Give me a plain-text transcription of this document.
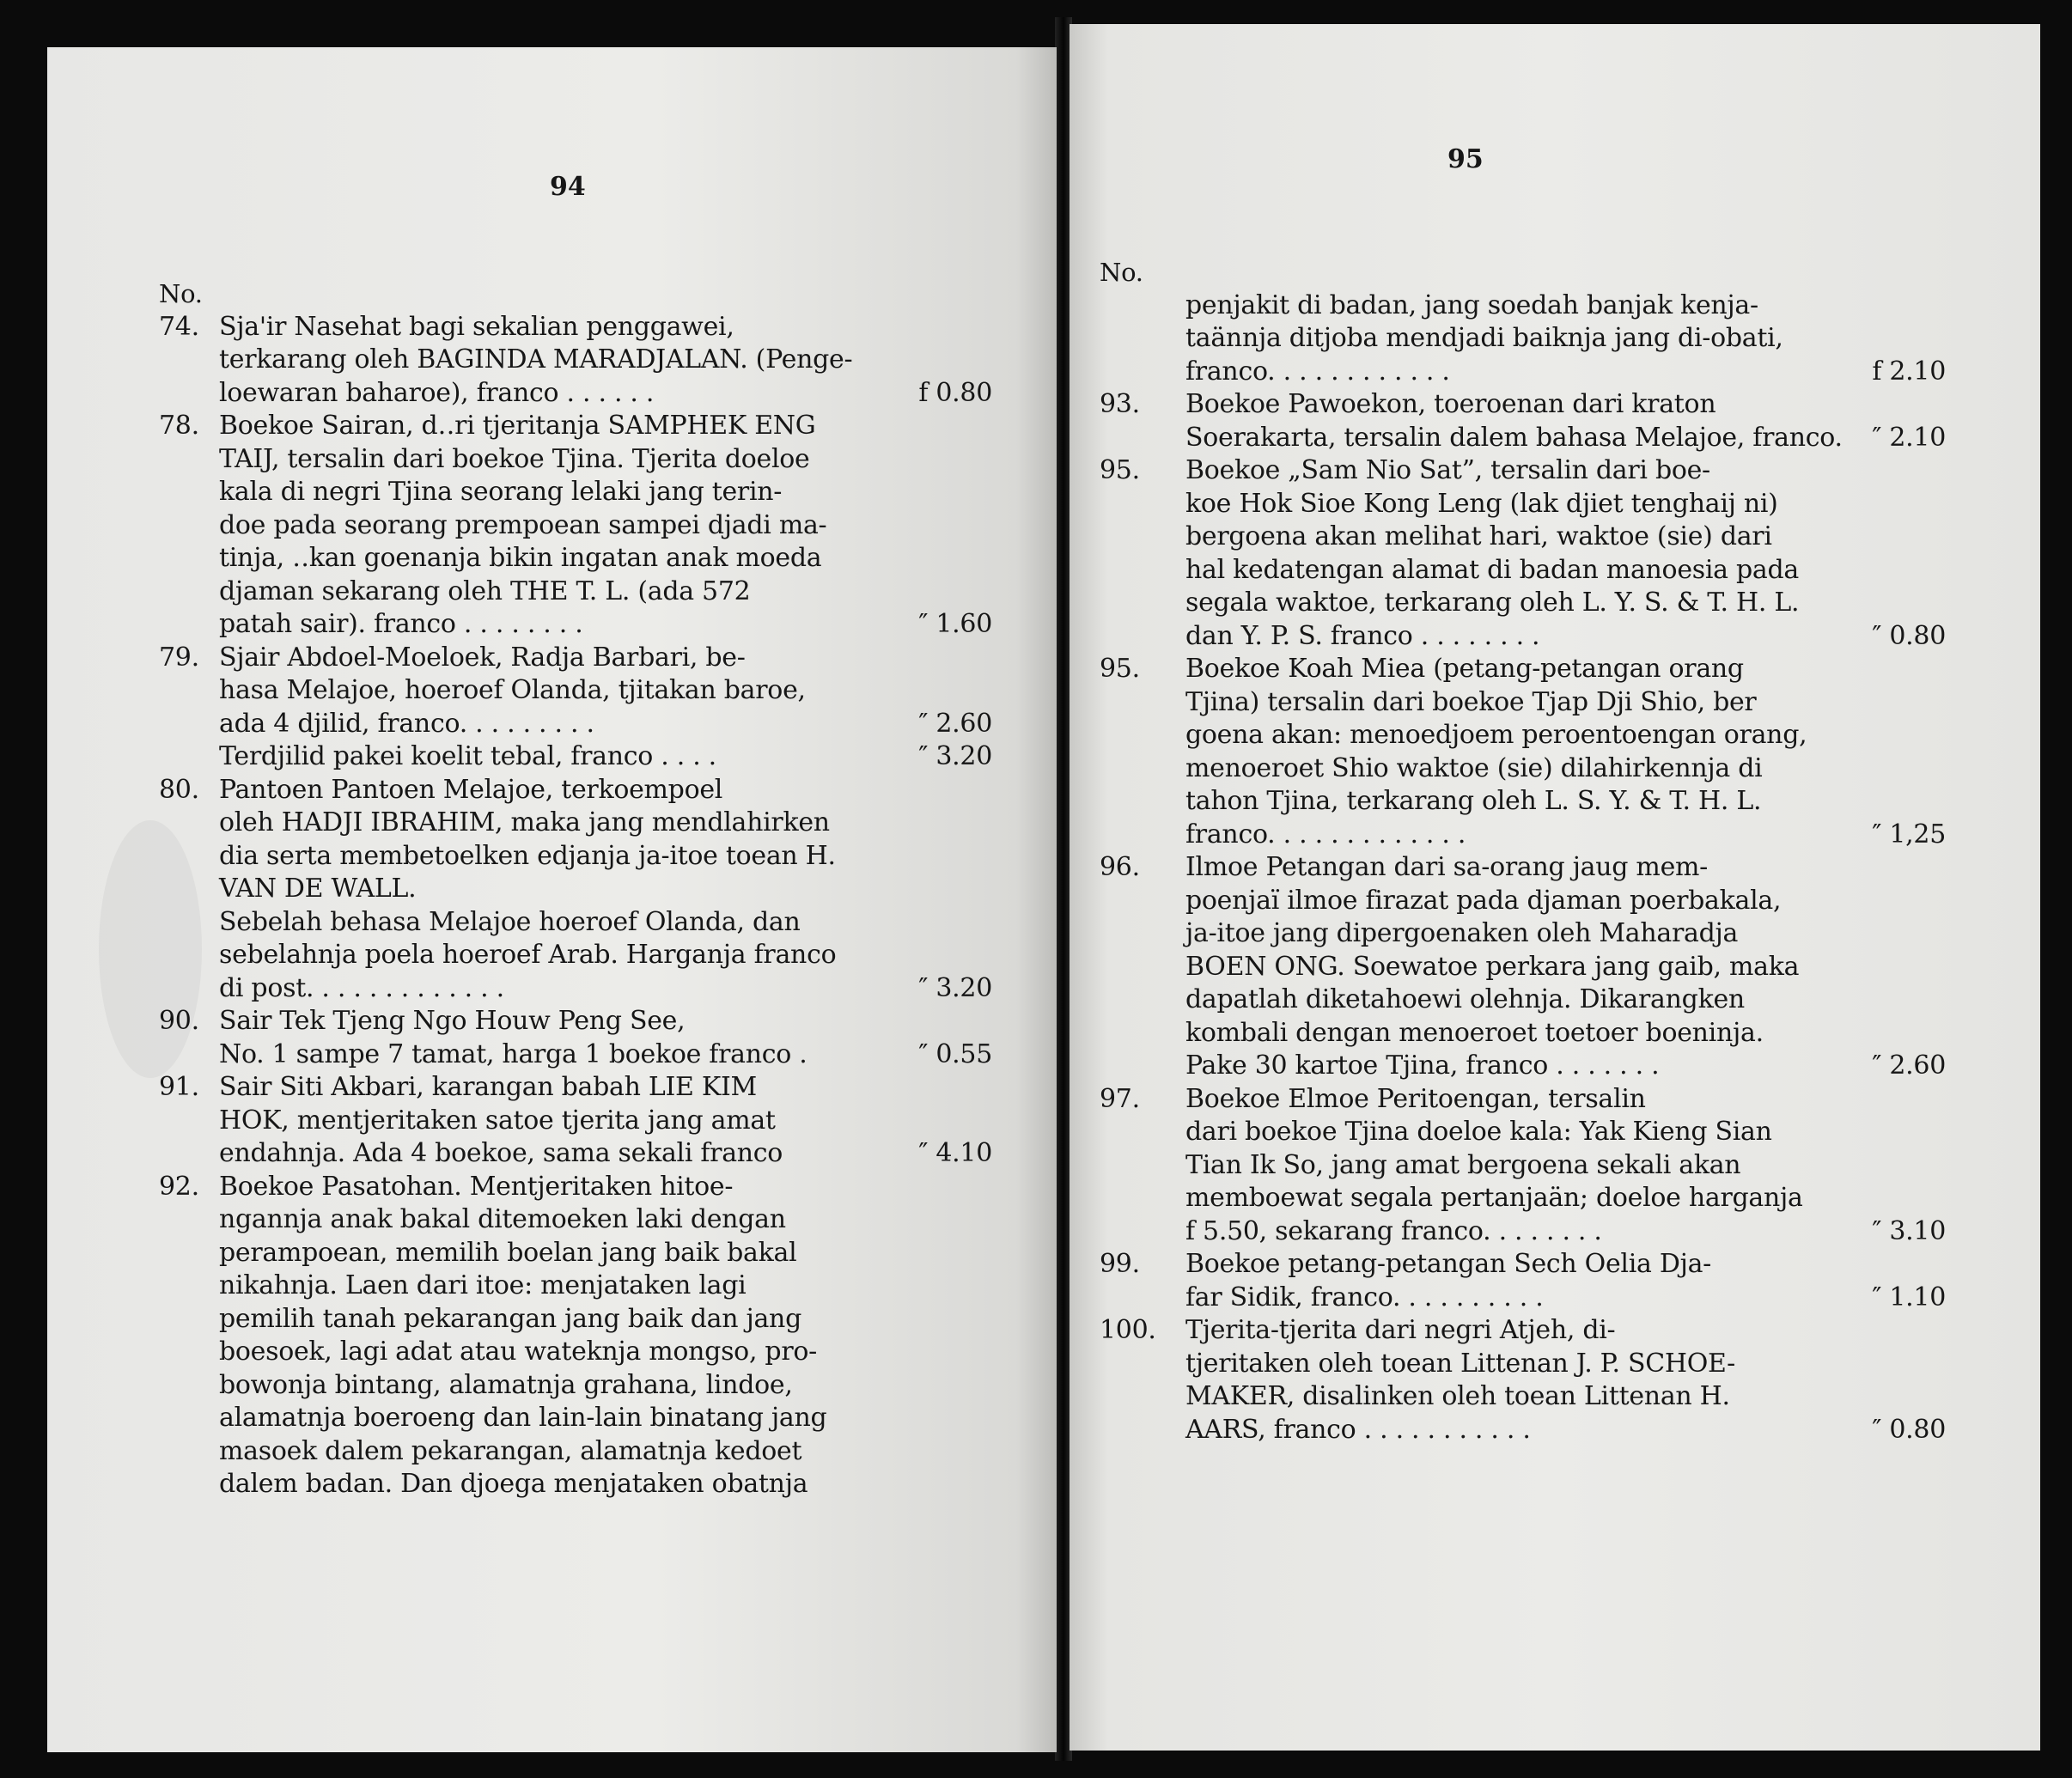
94
No.
74. Sja'ir Nasehat bagi sekalian penggawei,
terkarang oleh BAGINDA MARADJALAN. (Penge-
loewaran baharoe), franco . . . . . .	f 0.80
78. Boekoe Sairan, d‥ri tjeritanja SAMPHEK ENG
TAIJ, tersalin dari boekoe Tjina. Tjerita doeloe
kala di negri Tjina seorang lelaki jang terin-
doe pada seorang prempoean sampei djadi ma-
tinja, ‥kan goenanja bikin ingatan anak moeda
djaman sekarang oleh THE T. L. (ada 572
patah sair). franco . . . . . . . .	″ 1.60
79. Sjair Abdoel-Moeloek, Radja Barbari, be-
hasa Melajoe, hoeroef Olanda, tjitakan baroe,
ada 4 djilid, franco. . . . . . . . .	″ 2.60
Terdjilid pakei koelit tebal, franco . . . .	″ 3.20
80. Pantoen Pantoen Melajoe, terkoempoel
oleh HADJI IBRAHIM, maka jang mendlahirken
dia serta membetoelken edjanja ja-itoe toean H.
VAN DE WALL.
Sebelah behasa Melajoe hoeroef Olanda, dan
sebelahnja poela hoeroef Arab. Harganja franco
di post. . . . . . . . . . . . .	″ 3.20
90. Sair Tek Tjeng Ngo Houw Peng See,
No. 1 sampe 7 tamat, harga 1 boekoe franco .	″ 0.55
91. Sair Siti Akbari, karangan babah LIE KIM
HOK, mentjeritaken satoe tjerita jang amat
endahnja. Ada 4 boekoe, sama sekali franco	″ 4.10
92. Boekoe Pasatohan. Mentjeritaken hitoe-
ngannja anak bakal ditemoeken laki dengan
perampoean, memilih boelan jang baik bakal
nikahnja. Laen dari itoe: menjataken lagi
pemilih tanah pekarangan jang baik dan jang
boesoek, lagi adat atau wateknja mongso, pro-
bowonja bintang, alamatnja grahana, lindoe,
alamatnja boeroeng dan lain-lain binatang jang
masoek dalem pekarangan, alamatnja kedoet
dalem badan. Dan djoega menjataken obatnja
95
No.
penjakit di badan, jang soedah banjak kenja-
taännja ditjoba mendjadi baiknja jang di-obati,
franco. . . . . . . . . . . .	f 2.10
93.	Boekoe Pawoekon, toeroenan dari kraton
Soerakarta, tersalin dalem bahasa Melajoe, franco. ″ 2.10
95.	Boekoe „Sam Nio Sat”, tersalin dari boe-
koe Hok Sioe Kong Leng (lak djiet tenghaij ni)
bergoena akan melihat hari, waktoe (sie) dari
hal kedatengan alamat di badan manoesia pada
segala waktoe, terkarang oleh L. Y. S. & T. H. L.
dan Y. P. S. franco . . . . . . . .	″ 0.80
95.	Boekoe Koah Miea (petang-petangan orang
Tjina) tersalin dari boekoe Tjap Dji Shio, ber
goena akan: menoedjoem peroentoengan orang,
menoeroet Shio waktoe (sie) dilahirkennja di
tahon Tjina, terkarang oleh L. S. Y. & T. H. L.
franco. . . . . . . . . . . . .	″ 1,25
96.	Ilmoe Petangan dari sa-orang jaug mem-
poenjaï ilmoe firazat pada djaman poerbakala,
ja-itoe jang dipergoenaken oleh Maharadja
BOEN ONG. Soewatoe perkara jang gaib, maka
dapatlah diketahoewi olehnja. Dikarangken
kombali dengan menoeroet toetoer boeninja.
Pake 30 kartoe Tjina, franco . . . . . . .	″ 2.60
97.	Boekoe Elmoe Peritoengan, tersalin
dari boekoe Tjina doeloe kala: Yak Kieng Sian
Tian Ik So, jang amat bergoena sekali akan
memboewat segala pertanjaän; doeloe harganja
f 5.50, sekarang franco. . . . . . . .	″ 3.10
99.	Boekoe petang-petangan Sech Oelia Dja-
far Sidik, franco. . . . . . . . . .	″ 1.10
100.	Tjerita-tjerita dari negri Atjeh, di-
tjeritaken oleh toean Littenan J. P. SCHOE-
MAKER, disalinken oleh toean Littenan H.
AARS, franco . . . . . . . . . . .	″ 0.80
